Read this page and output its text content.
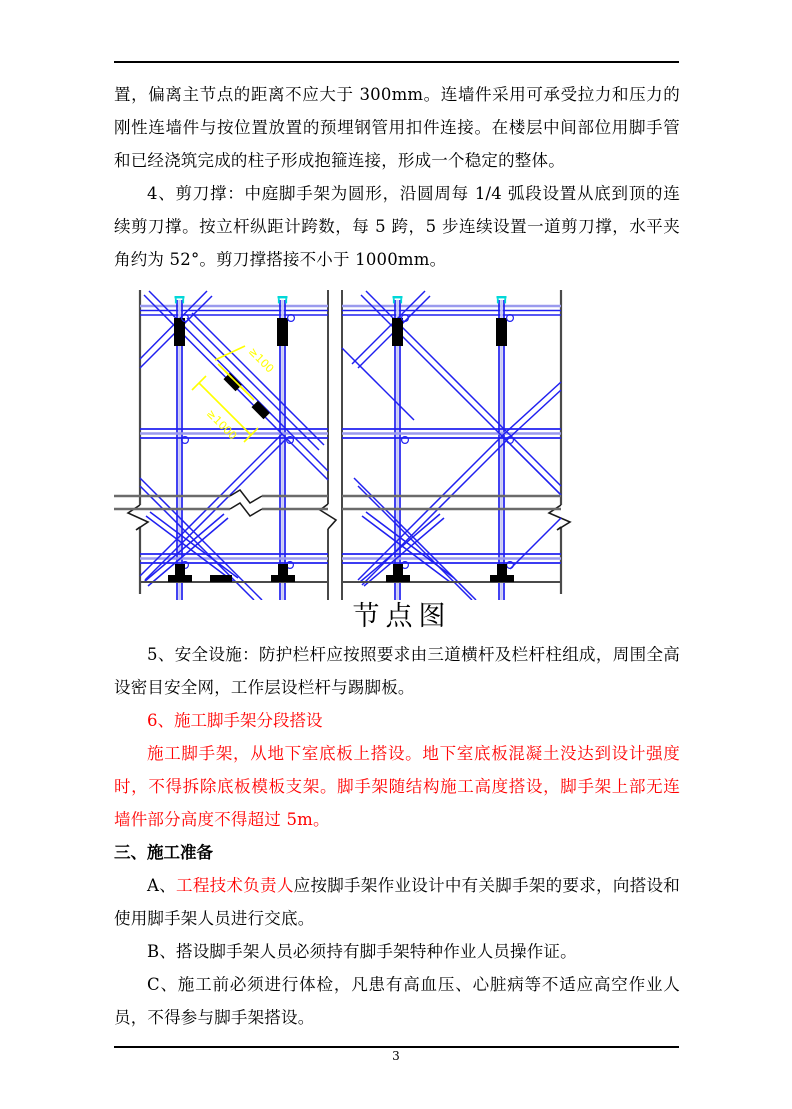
置，偏离主节点的距离不应大于 300mm。连墙件采用可承受拉力和压力的刚性连墙件与按位置放置的预埋钢管用扣件连接。在楼层中间部位用脚手管和已经浇筑完成的柱子形成抱箍连接，形成一个稳定的整体。

4、剪刀撑：中庭脚手架为圆形，沿圆周每 1/4 弧段设置从底到顶的连续剪刀撑。按立杆纵距计跨数，每 5 跨，5 步连续设置一道剪刀撑，水平夹角约为 52°。剪刀撑搭接不小于 1000mm。

≥100
≥1000
节点图

5、安全设施：防护栏杆应按照要求由三道横杆及栏杆柱组成，周围全高设密目安全网，工作层设栏杆与踢脚板。

6、施工脚手架分段搭设

施工脚手架，从地下室底板上搭设。地下室底板混凝土没达到设计强度时，不得拆除底板模板支架。脚手架随结构施工高度搭设，脚手架上部无连墙件部分高度不得超过 5m。

三、施工准备

A、工程技术负责人应按脚手架作业设计中有关脚手架的要求，向搭设和使用脚手架人员进行交底。

B、搭设脚手架人员必须持有脚手架特种作业人员操作证。

C、施工前必须进行体检，凡患有高血压、心脏病等不适应高空作业人员，不得参与脚手架搭设。

3
